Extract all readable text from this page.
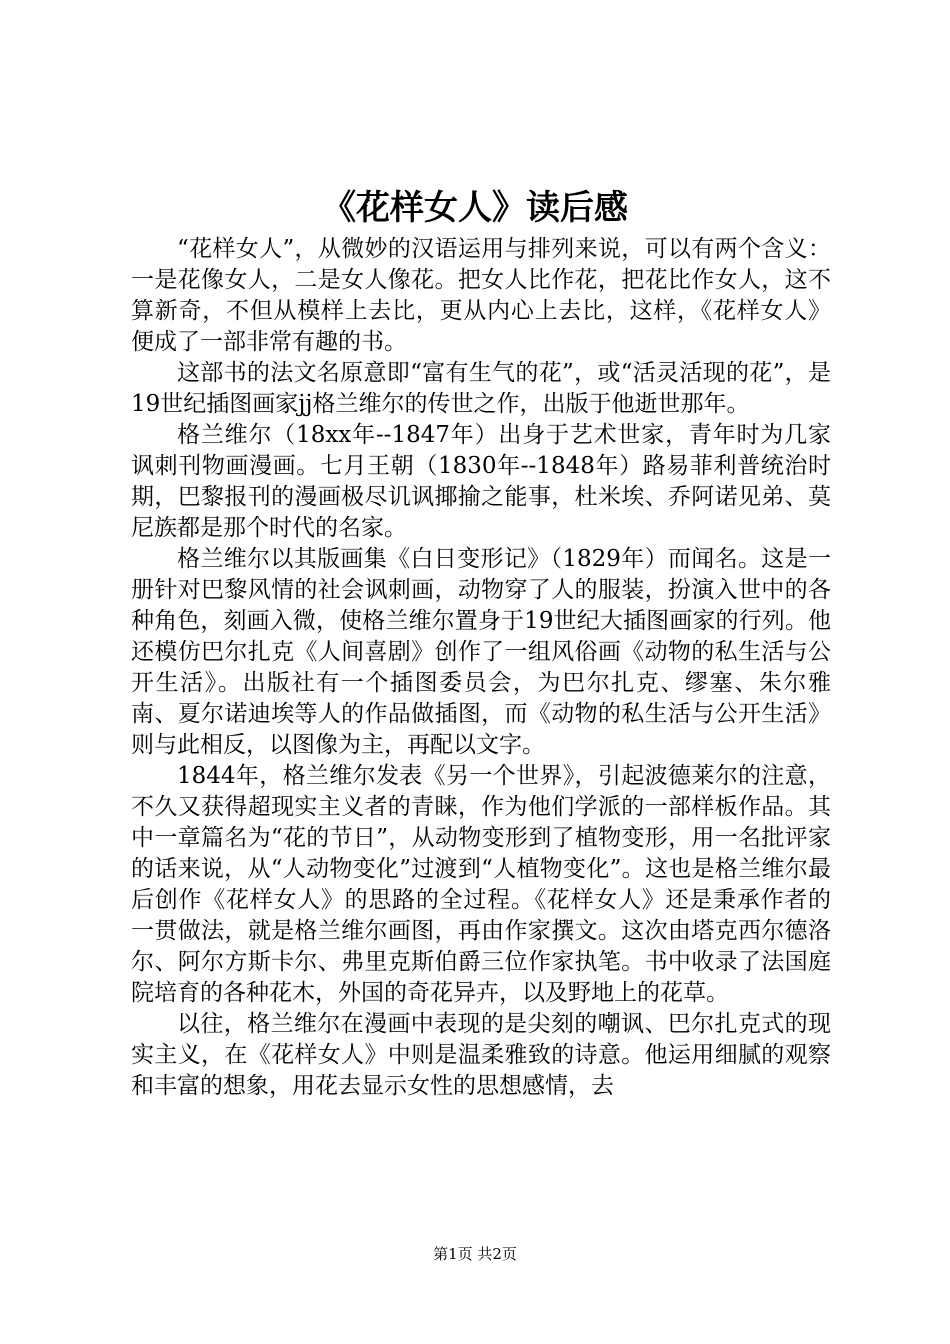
《花样女人》读后感

“花样女人”，从微妙的汉语运用与排列来说，可以有两个含义：一是花像女人，二是女人像花。把女人比作花，把花比作女人，这不算新奇，不但从模样上去比，更从内心上去比，这样，《花样女人》便成了一部非常有趣的书。

这部书的法文名原意即“富有生气的花”，或“活灵活现的花”，是19世纪插图画家jj格兰维尔的传世之作，出版于他逝世那年。

格兰维尔（18xx年--1847年）出身于艺术世家，青年时为几家讽刺刊物画漫画。七月王朝（1830年--1848年）路易菲利普统治时期，巴黎报刊的漫画极尽讥讽揶揄之能事，杜米埃、乔阿诺见弟、莫尼族都是那个时代的名家。

格兰维尔以其版画集《白日变形记》（1829年）而闻名。这是一册针对巴黎风情的社会讽刺画，动物穿了人的服装，扮演入世中的各种角色，刻画入微，使格兰维尔置身于19世纪大插图画家的行列。他还模仿巴尔扎克《人间喜剧》创作了一组风俗画《动物的私生活与公开生活》。出版社有一个插图委员会，为巴尔扎克、缪塞、朱尔雅南、夏尔诺迪埃等人的作品做插图，而《动物的私生活与公开生活》则与此相反，以图像为主，再配以文字。

1844年，格兰维尔发表《另一个世界》，引起波德莱尔的注意，不久又获得超现实主义者的青睐，作为他们学派的一部样板作品。其中一章篇名为“花的节日”，从动物变形到了植物变形，用一名批评家的话来说，从“人动物变化”过渡到“人植物变化”。这也是格兰维尔最后创作《花样女人》的思路的全过程。《花样女人》还是秉承作者的一贯做法，就是格兰维尔画图，再由作家撰文。这次由塔克西尔德洛尔、阿尔方斯卡尔、弗里克斯伯爵三位作家执笔。书中收录了法国庭院培育的各种花木，外国的奇花异卉，以及野地上的花草。

以往，格兰维尔在漫画中表现的是尖刻的嘲讽、巴尔扎克式的现实主义，在《花样女人》中则是温柔雅致的诗意。他运用细腻的观察和丰富的想象，用花去显示女性的思想感情，去

第1页 共2页
